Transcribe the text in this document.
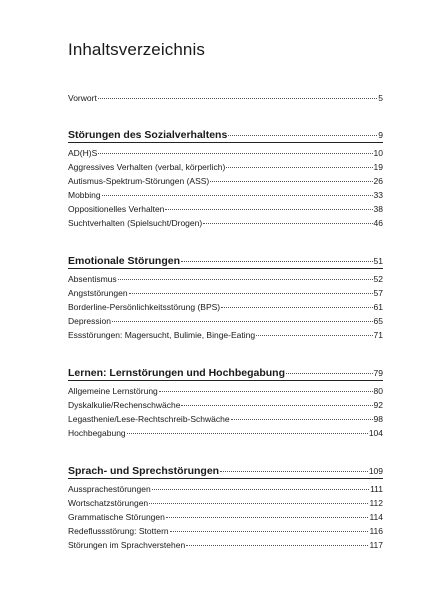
Inhaltsverzeichnis
Vorwort	5
Störungen des Sozialverhaltens	9
AD(H)S	10
Aggressives Verhalten (verbal, körperlich)	19
Autismus-Spektrum-Störungen (ASS)	26
Mobbing	33
Oppositionelles Verhalten	38
Suchtverhalten (Spielsucht/Drogen)	46
Emotionale Störungen	51
Absentismus	52
Angststörungen	57
Borderline-Persönlichkeitsstörung (BPS)	61
Depression	65
Essstörungen: Magersucht, Bulimie, Binge-Eating	71
Lernen: Lernstörungen und Hochbegabung	79
Allgemeine Lernstörung	80
Dyskalkulie/Rechenschwäche	92
Legasthenie/Lese-Rechtschreib-Schwäche	98
Hochbegabung	104
Sprach- und Sprechstörungen	109
Aussprachestörungen	111
Wortschatzstörungen	112
Grammatische Störungen	114
Redeflussstörung: Stottern	116
Störungen im Sprachverstehen	117
